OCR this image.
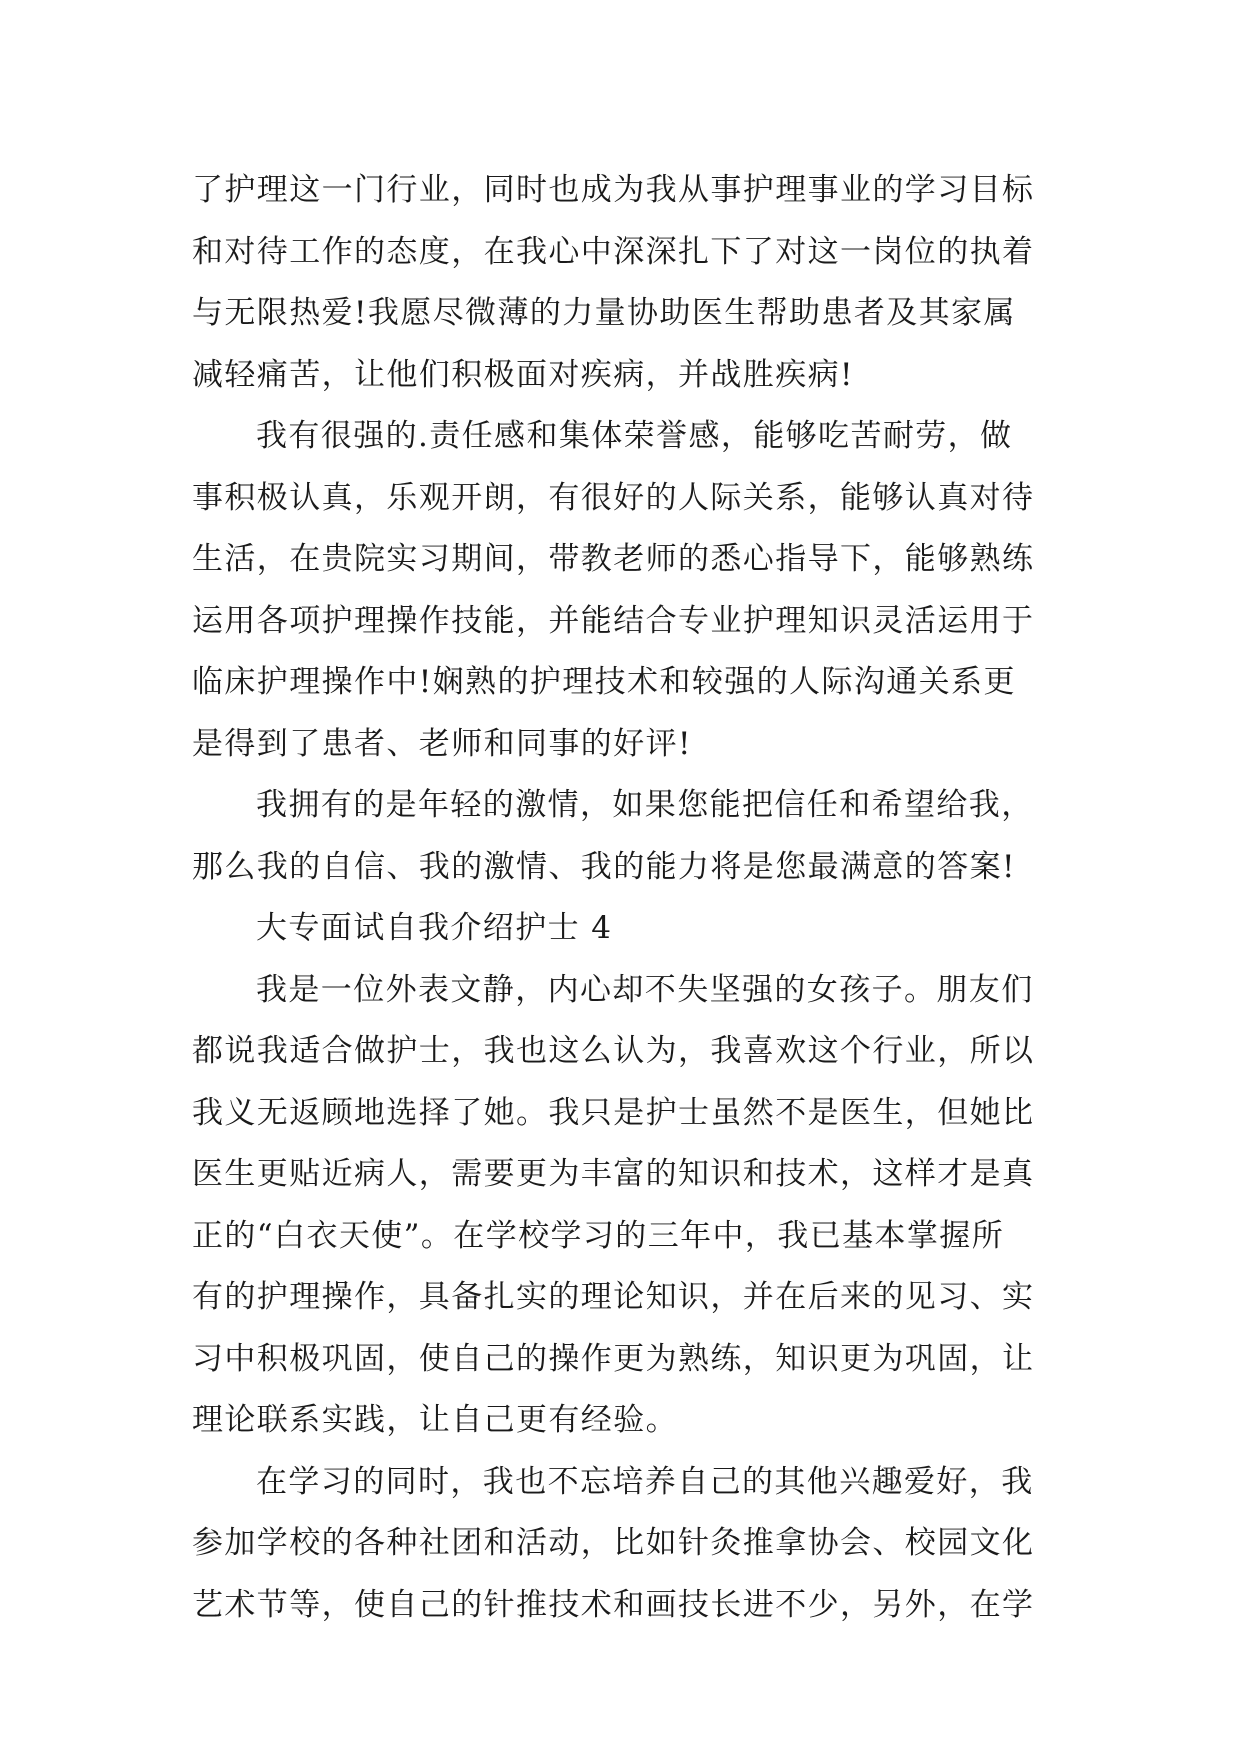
了护理这一门行业，同时也成为我从事护理事业的学习目标
和对待工作的态度，在我心中深深扎下了对这一岗位的执着
与无限热爱!我愿尽微薄的力量协助医生帮助患者及其家属
减轻痛苦，让他们积极面对疾病，并战胜疾病!
我有很强的.责任感和集体荣誉感，能够吃苦耐劳，做
事积极认真，乐观开朗，有很好的人际关系，能够认真对待
生活，在贵院实习期间，带教老师的悉心指导下，能够熟练
运用各项护理操作技能，并能结合专业护理知识灵活运用于
临床护理操作中!娴熟的护理技术和较强的人际沟通关系更
是得到了患者、老师和同事的好评!
我拥有的是年轻的激情，如果您能把信任和希望给我，
那么我的自信、我的激情、我的能力将是您最满意的答案!
大专面试自我介绍护士 4
我是一位外表文静，内心却不失坚强的女孩子。朋友们
都说我适合做护士，我也这么认为，我喜欢这个行业，所以
我义无返顾地选择了她。我只是护士虽然不是医生，但她比
医生更贴近病人，需要更为丰富的知识和技术，这样才是真
正的“白衣天使”。在学校学习的三年中，我已基本掌握所
有的护理操作，具备扎实的理论知识，并在后来的见习、实
习中积极巩固，使自己的操作更为熟练，知识更为巩固，让
理论联系实践，让自己更有经验。
在学习的同时，我也不忘培养自己的其他兴趣爱好，我
参加学校的各种社团和活动，比如针灸推拿协会、校园文化
艺术节等，使自己的针推技术和画技长进不少，另外，在学
